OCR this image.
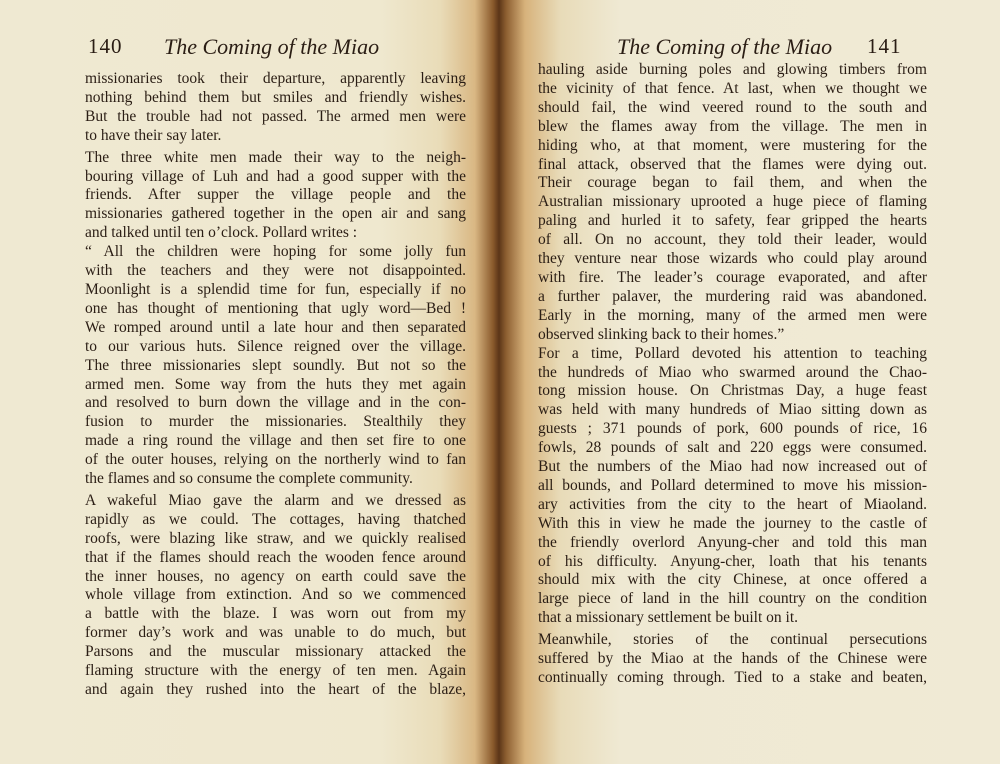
140 The Coming of the Miao
missionaries took their departure, apparently leaving
nothing behind them but smiles and friendly wishes.
But the trouble had not passed. The armed men were
to have their say later.
The three white men made their way to the neigh-
bouring village of Luh and had a good supper with the
friends. After supper the village people and the
missionaries gathered together in the open air and sang
and talked until ten o’clock. Pollard writes :
“ All the children were hoping for some jolly fun
with the teachers and they were not disappointed.
Moonlight is a splendid time for fun, especially if no
one has thought of mentioning that ugly word—Bed !
We romped around until a late hour and then separated
to our various huts. Silence reigned over the village.
The three missionaries slept soundly. But not so the
armed men. Some way from the huts they met again
and resolved to burn down the village and in the con-
fusion to murder the missionaries. Stealthily they
made a ring round the village and then set fire to one
of the outer houses, relying on the northerly wind to fan
the flames and so consume the complete community.
A wakeful Miao gave the alarm and we dressed as
rapidly as we could. The cottages, having thatched
roofs, were blazing like straw, and we quickly realised
that if the flames should reach the wooden fence around
the inner houses, no agency on earth could save the
whole village from extinction. And so we commenced
a battle with the blaze. I was worn out from my
former day’s work and was unable to do much, but
Parsons and the muscular missionary attacked the
flaming structure with the energy of ten men. Again
and again they rushed into the heart of the blaze,
The Coming of the Miao 141
hauling aside burning poles and glowing timbers from
the vicinity of that fence. At last, when we thought we
should fail, the wind veered round to the south and
blew the flames away from the village. The men in
hiding who, at that moment, were mustering for the
final attack, observed that the flames were dying out.
Their courage began to fail them, and when the
Australian missionary uprooted a huge piece of flaming
paling and hurled it to safety, fear gripped the hearts
of all. On no account, they told their leader, would
they venture near those wizards who could play around
with fire. The leader’s courage evaporated, and after
a further palaver, the murdering raid was abandoned.
Early in the morning, many of the armed men were
observed slinking back to their homes.”
For a time, Pollard devoted his attention to teaching
the hundreds of Miao who swarmed around the Chao-
tong mission house. On Christmas Day, a huge feast
was held with many hundreds of Miao sitting down as
guests ; 371 pounds of pork, 600 pounds of rice, 16
fowls, 28 pounds of salt and 220 eggs were consumed.
But the numbers of the Miao had now increased out of
all bounds, and Pollard determined to move his mission-
ary activities from the city to the heart of Miaoland.
With this in view he made the journey to the castle of
the friendly overlord Anyung-cher and told this man
of his difficulty. Anyung-cher, loath that his tenants
should mix with the city Chinese, at once offered a
large piece of land in the hill country on the condition
that a missionary settlement be built on it.
Meanwhile, stories of the continual persecutions
suffered by the Miao at the hands of the Chinese were
continually coming through. Tied to a stake and beaten,
